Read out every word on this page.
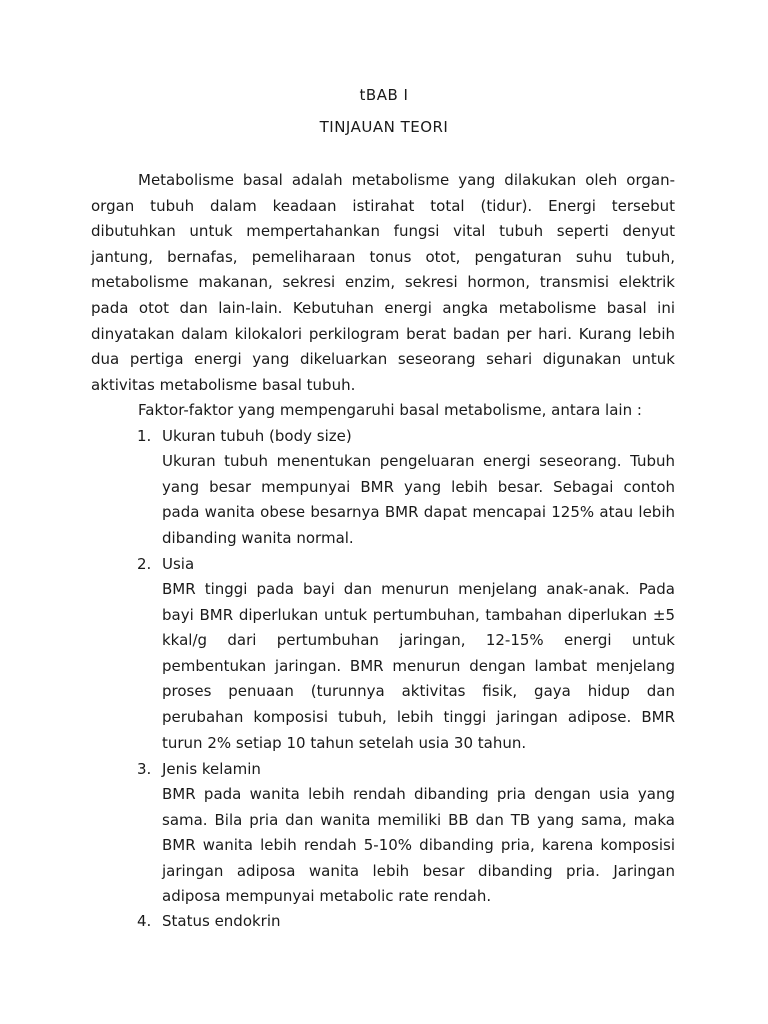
tBAB I
TINJAUAN TEORI

Metabolisme basal adalah metabolisme yang dilakukan oleh organ-organ tubuh dalam keadaan istirahat total (tidur). Energi tersebut dibutuhkan untuk mempertahankan fungsi vital tubuh seperti denyut jantung, bernafas, pemeliharaan tonus otot, pengaturan suhu tubuh, metabolisme makanan, sekresi enzim, sekresi hormon, transmisi elektrik pada otot dan lain-lain. Kebutuhan energi angka metabolisme basal ini dinyatakan dalam kilokalori perkilogram berat badan per hari. Kurang lebih dua pertiga energi yang dikeluarkan seseorang sehari digunakan untuk aktivitas metabolisme basal tubuh.

Faktor-faktor yang mempengaruhi basal metabolisme, antara lain :

1. Ukuran tubuh (body size)

Ukuran tubuh menentukan pengeluaran energi seseorang. Tubuh yang besar mempunyai BMR yang lebih besar. Sebagai contoh pada wanita obese besarnya BMR dapat mencapai 125% atau lebih dibanding wanita normal.

2. Usia

BMR tinggi pada bayi dan menurun menjelang anak-anak. Pada bayi BMR diperlukan untuk pertumbuhan, tambahan diperlukan ±5 kkal/g dari pertumbuhan jaringan, 12-15% energi untuk pembentukan jaringan. BMR menurun dengan lambat menjelang proses penuaan (turunnya aktivitas fisik, gaya hidup dan perubahan komposisi tubuh, lebih tinggi jaringan adipose. BMR turun 2% setiap 10 tahun setelah usia 30 tahun.

3. Jenis kelamin

BMR pada wanita lebih rendah dibanding pria dengan usia yang sama. Bila pria dan wanita memiliki BB dan TB yang sama, maka BMR wanita lebih rendah 5-10% dibanding pria, karena komposisi jaringan adiposa wanita lebih besar dibanding pria. Jaringan adiposa mempunyai metabolic rate rendah.

4. Status endokrin
